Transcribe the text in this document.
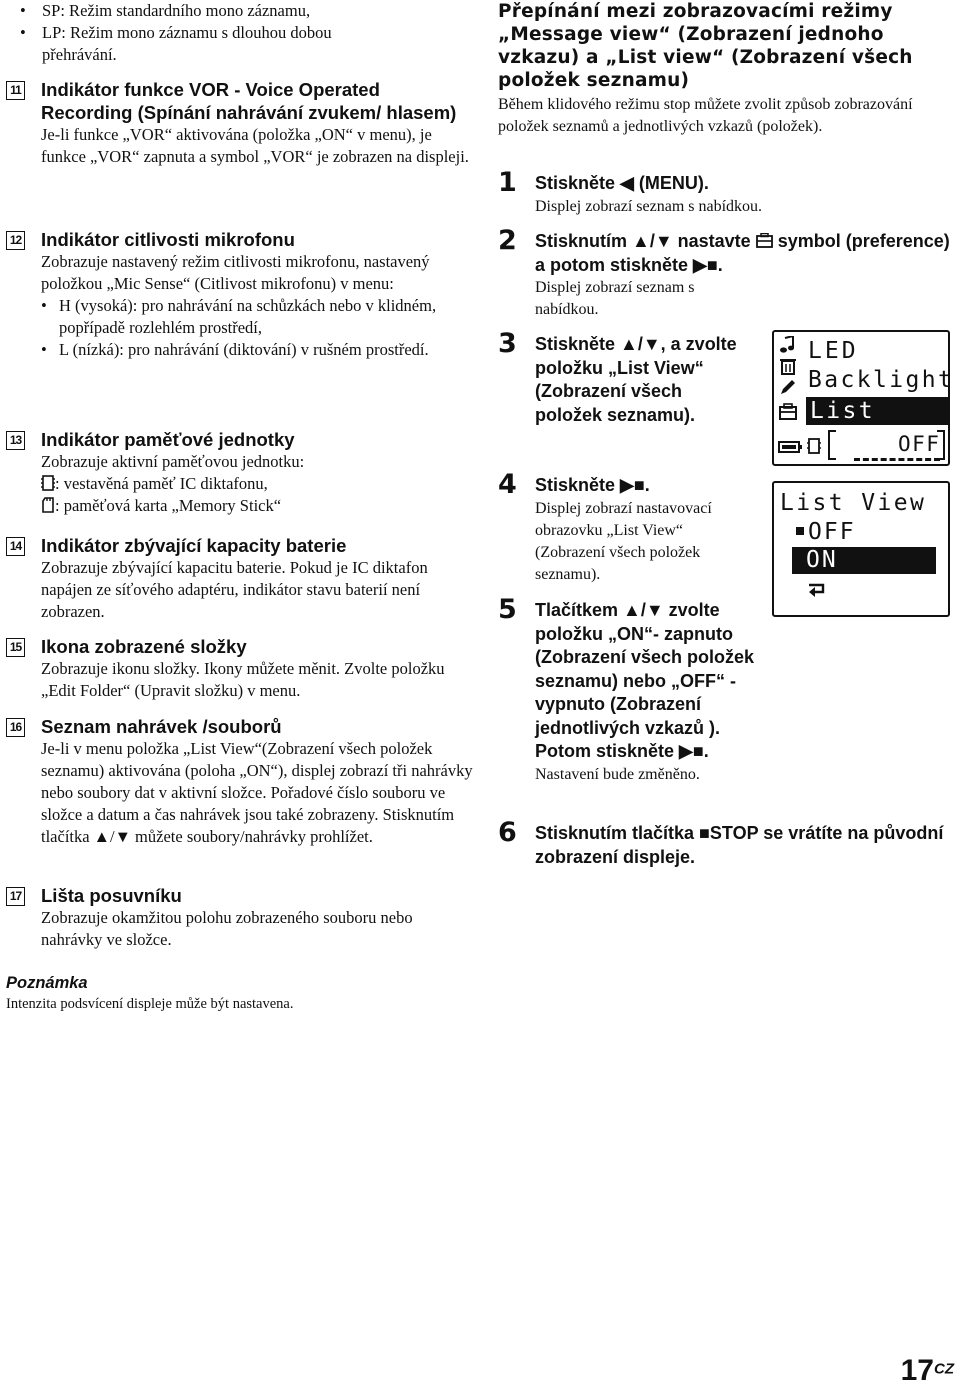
• SP: Režim standardního mono záznamu,
• LP: Režim mono záznamu s dlouhou dobou přehrávání.
11 Indikátor funkce VOR - Voice Operated Recording (Spínání nahrávání zvukem/ hlasem)
Je-li funkce „VOR“ aktivována (položka „ON“ v menu), je funkce „VOR“ zapnuta a symbol „VOR“ je zobrazen na displeji.
12 Indikátor citlivosti mikrofonu
Zobrazuje nastavený režim citlivosti mikrofonu, nastavený položkou „Mic Sense“ (Citlivost mikrofonu) v menu:
• H (vysoká): pro nahrávání na schůzkách nebo v klidném, popřípadě rozlehlém prostředí,
• L (nízká): pro nahrávání (diktování) v rušném prostředí.
13 Indikátor paměťové jednotky
Zobrazuje aktivní paměťovou jednotku:
: vestavěná paměť IC diktafonu,
: paměťová karta „Memory Stick“
14 Indikátor zbývající kapacity baterie
Zobrazuje zbývající kapacitu baterie. Pokud je IC diktafon napájen ze síťového adaptéru, indikátor stavu baterií není zobrazen.
15 Ikona zobrazené složky
Zobrazuje ikonu složky. Ikony můžete měnit. Zvolte položku „Edit Folder“ (Upravit složku) v menu.
16 Seznam nahrávek /souborů
Je-li v menu položka „List View“(Zobrazení všech položek seznamu) aktivována (poloha „ON“), displej zobrazí tři nahrávky nebo soubory dat v aktivní složce. Pořadové číslo souboru ve složce a datum a čas nahrávek jsou také zobrazeny. Stisknutím tlačítka ▲/▼ můžete soubory/nahrávky prohlížet.
17 Lišta posuvníku
Zobrazuje okamžitou polohu zobrazeného souboru nebo nahrávky ve složce.
Poznámka
Intenzita podsvícení displeje může být nastavena.
Přepínání mezi zobrazovacími režimy „Message view“ (Zobrazení jednoho vzkazu) a „List view“ (Zobrazení všech položek seznamu)
Během klidového režimu stop můžete zvolit způsob zobrazování položek seznamů a jednotlivých vzkazů (položek).
1 Stiskněte ◀ (MENU).
Displej zobrazí seznam s nabídkou.
2 Stisknutím ▲/▼ nastavte symbol (preference) a potom stiskněte ▶■.
Displej zobrazí seznam s nabídkou.
3 Stiskněte ▲/▼, a zvolte položku „List View“ (Zobrazení všech položek seznamu).
4 Stiskněte ▶■.
Displej zobrazí nastavovací obrazovku „List View“ (Zobrazení všech položek seznamu).
5 Tlačítkem ▲/▼ zvolte položku „ON“- zapnuto (Zobrazení všech položek seznamu) nebo „OFF“ -vypnuto (Zobrazení jednotlivých vzkazů ). Potom stiskněte ▶■.
Nastavení bude změněno.
6 Stisknutím tlačítka ■STOP se vrátíte na původní zobrazení displeje.
LED
Backlight
List View	OFF
List View
OFF
ON
$17^{CZ}$
